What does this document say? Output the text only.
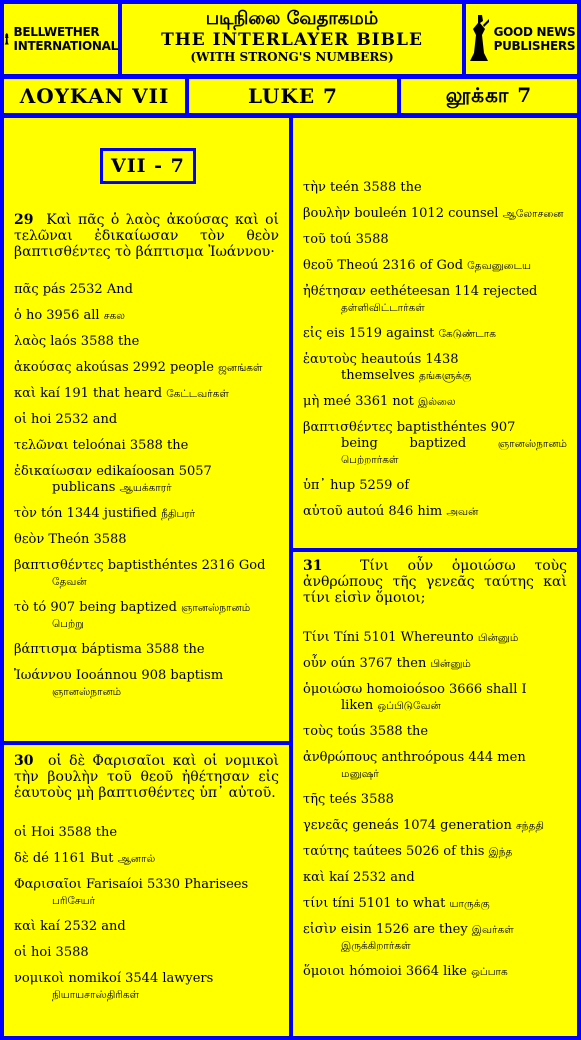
BELLWETHER
INTERNATIONAL
படிநிலை வேதாகமம்
THE INTERLAYER BIBLE
(WITH STRONG'S NUMBERS)
GOOD NEWS
PUBLISHERS
ΛΟΥΚΑΝ VII	LUKE 7	லூக்கா 7
VII - 7
29 Καὶ πᾶς ὁ λαὸς ἀκούσας καὶ οἱ τελῶναι ἐδικαίωσαν τὸν θεὸν βαπτισθέντες τὸ βάπτισμα Ἰωάννου·
πᾶς pás 2532 And
ὁ ho 3956 all சகல
λαὸς laós 3588 the
ἀκούσας akoúsas 2992 people ஜனங்கள்
καὶ kaí 191 that heard கேட்டவர்கள்
οἱ hoi 2532 and
τελῶναι teloónai 3588 the
ἐδικαίωσαν edikaíoosan 5057
publicans ஆயக்காரர்
τὸν tón 1344 justified நீதிபரர்
θεὸν Theón 3588
βαπτισθέντες baptisthéntes 2316 God
தேவன்
τὸ tó 907 being baptized ஞானஸ்நானம்
பெற்று
βάπτισμα báptisma 3588 the
Ἰωάννου Iooánnou 908 baptism
ஞானஸ்நானம்
τὴν teén 3588 the
βουλὴν bouleén 1012 counsel ஆலோசனை
τοῦ toú 3588
θεοῦ Theoú 2316 of God தேவனுடைய
ἠθέτησαν eethéteesan 114 rejected
தள்ளிவிட்டார்கள்
εἰς eis 1519 against கேடுண்டாக
ἑαυτοὺς heautoús 1438
themselves தங்களுக்கு
μὴ meé 3361 not இல்லை
βαπτισθέντες baptisthéntes 907
being baptized ஞானஸ்நானம் பெற்றார்கள்
ὑπ᾽ hup 5259 of
αὐτοῦ autoú 846 him அவன்
30 οἱ δὲ Φαρισαῖοι καὶ οἱ νομικοὶ τὴν βουλὴν τοῦ θεοῦ ἠθέτησαν εἰς ἑαυτοὺς μὴ βαπτισθέντες ὑπ᾽ αὐτοῦ.
οἱ Hoi 3588 the
δὲ dé 1161 But ஆனால்
Φαρισαῖοι Farisaíoi 5330 Pharisees
பரிசேயர்
καὶ kaí 2532 and
οἱ hoi 3588
νομικοὶ nomikoí 3544 lawyers
நியாயசாஸ்திரிகள்
31	Τίνι οὖν ὁμοιώσω τοὺς ἀνθρώπους τῆς γενεᾶς ταύτης καὶ τίνι εἰσὶν ὅμοιοι;
Τίνι Tíni 5101 Whereunto பின்னும்
οὖν oún 3767 then பின்னும்
ὁμοιώσω homoioósoo 3666 shall I
liken ஒப்பிடுவேன்
τοὺς toús 3588 the
ἀνθρώπους anthroópous 444 men
மனுஷர்
τῆς teés 3588
γενεᾶς geneás 1074 generation சந்ததி
ταύτης taútees 5026 of this இந்த
καὶ kaí 2532 and
τίνι tíni 5101 to what யாருக்கு
εἰσὶν eisin 1526 are they இவர்கள்
இருக்கிறார்கள்
ὅμοιοι hómoioi 3664 like ஒப்பாக
